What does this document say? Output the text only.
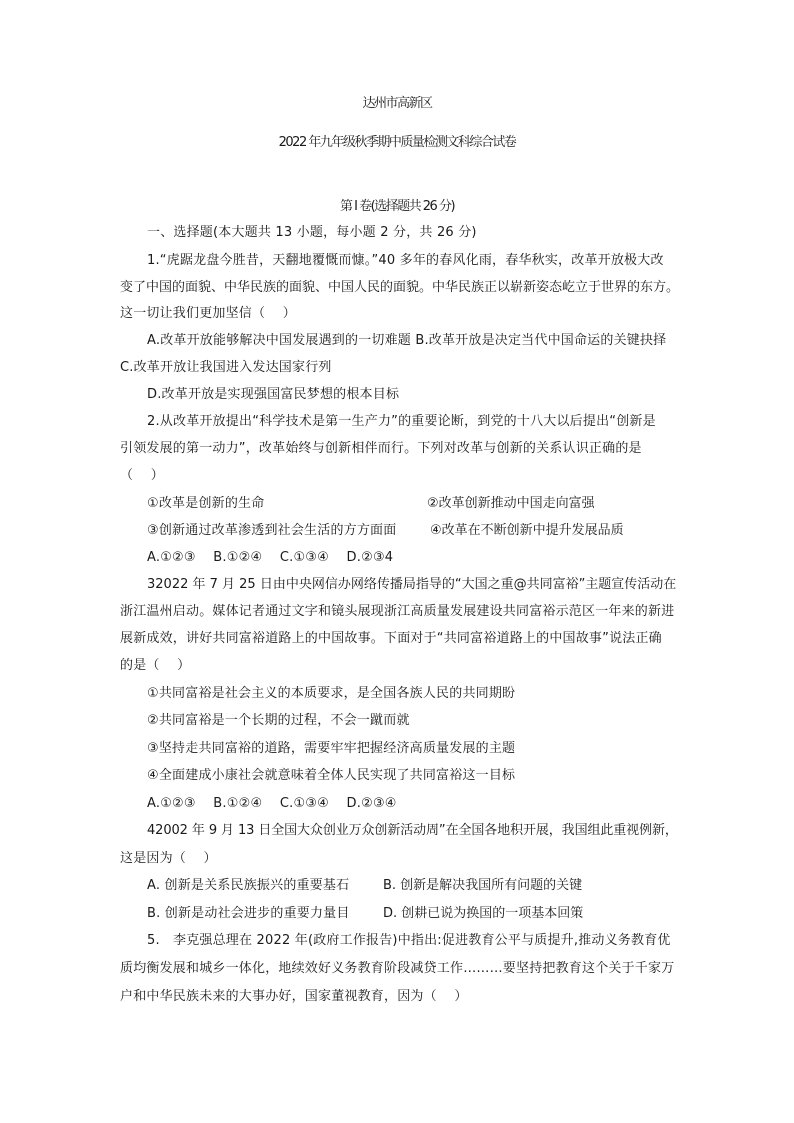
达州市高新区
2022 年九年级秋季期中质量检测文科综合试卷
第 I 卷(选择题共 26 分)
一、选择题(本大题共 13 小题，每小题 2 分，共 26 分)
1.“虎踞龙盘今胜昔，天翻地覆慨而慷。”40 多年的春风化雨，春华秋实，改革开放极大改
变了中国的面貌、中华民族的面貌、中国人民的面貌。中华民族正以崭新姿态屹立于世界的东方。
这一切让我们更加坚信（　 ）
A.改革开放能够解决中国发展遇到的一切难题 B.改革开放是决定当代中国命运的关键抉择
C.改革开放让我国进入发达国家行列
D.改革开放是实现强国富民梦想的根本目标
2.从改革开放提出“科学技术是第一生产力”的重要论断，到党的十八大以后提出“创新是
引领发展的第一动力”，改革始终与创新相伴而行。下列对改革与创新的关系认识正确的是
（　 ）
①改革是创新的生命	②改革创新推动中国走向富强
③创新通过改革渗透到社会生活的方方面面	④改革在不断创新中提升发展品质
A.①②③　 B.①②④　 C.①③④　 D.②③4
32022 年 7 月 25 日由中央网信办网络传播局指导的“大国之重@共同富裕”主题宣传活动在
浙江温州启动。媒体记者通过文字和镜头展现浙江高质量发展建设共同富裕示范区一年来的新进
展新成效，讲好共同富裕道路上的中国故事。下面对于“共同富裕道路上的中国故事”说法正确
的是（　 ）
①共同富裕是社会主义的本质要求，是全国各族人民的共同期盼
②共同富裕是一个长期的过程，不会一蹴而就
③坚持走共同富裕的道路，需要牢牢把握经济高质量发展的主题
④全面建成小康社会就意味着全体人民实现了共同富裕这一目标
A.①②③　 B.①②④　 C.①③④　 D.②③④
42002 年 9 月 13 日全国大众创业万众创新活动周”在全国各地积开展，我国组此重视例新，
这是因为（　 ）
A. 创新是关系民族振兴的重要基石	B. 创新是解决我国所有问题的关键
B. 创新是动社会进步的重要力量目	D. 创耕已说为换国的一项基本回策
5.　李克强总理在 2022 年(政府工作报告)中指出:促进教育公平与质提升,推动义务教育优
质均衡发展和城乡一体化，地续效好义务教育阶段减贷工作………要坚持把教育这个关于千家万
户和中华民族未来的大事办好，国家董视教育，因为（　 ）
